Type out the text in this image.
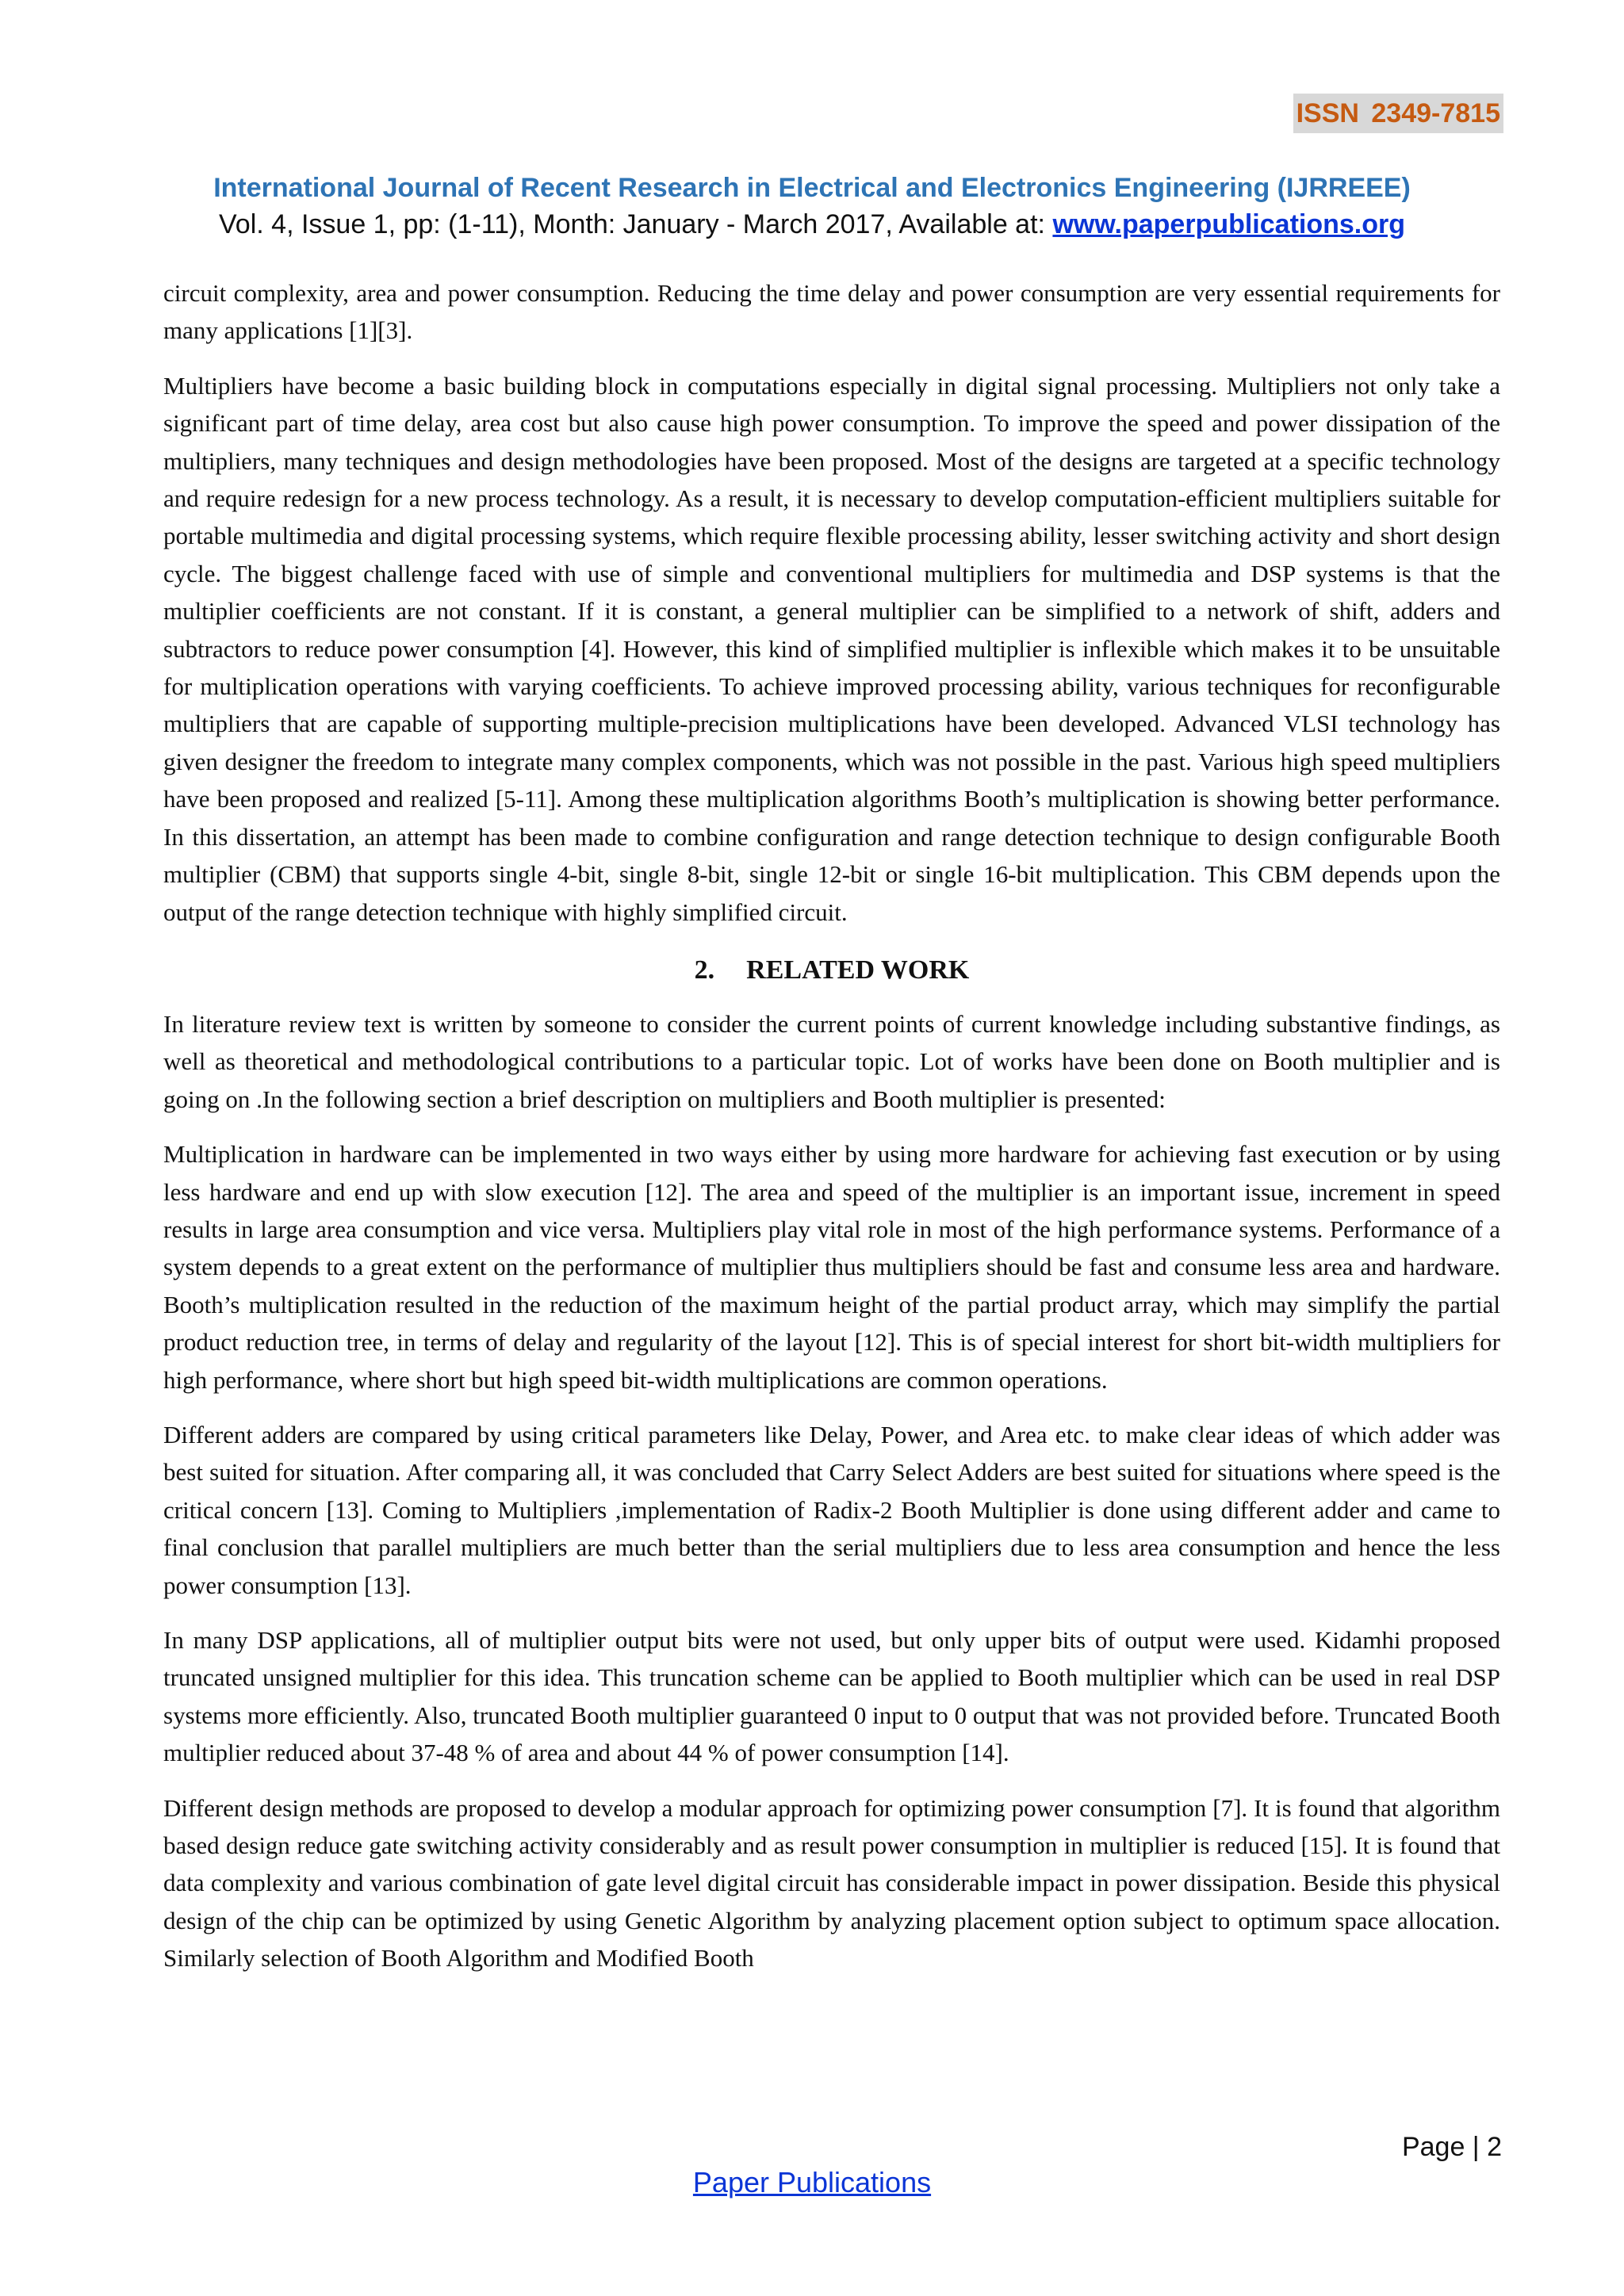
ISSN 2349-7815
International Journal of Recent Research in Electrical and Electronics Engineering (IJRREEE)
Vol. 4, Issue 1, pp: (1-11), Month: January - March 2017, Available at: www.paperpublications.org

circuit complexity, area and power consumption. Reducing the time delay and power consumption are very essential requirements for many applications [1][3].

Multipliers have become a basic building block in computations especially in digital signal processing. Multipliers not only take a significant part of time delay, area cost but also cause high power consumption. To improve the speed and power dissipation of the multipliers, many techniques and design methodologies have been proposed. Most of the designs are targeted at a specific technology and require redesign for a new process technology. As a result, it is necessary to develop computation-efficient multipliers suitable for portable multimedia and digital processing systems, which require flexible processing ability, lesser switching activity and short design cycle. The biggest challenge faced with use of simple and conventional multipliers for multimedia and DSP systems is that the multiplier coefficients are not constant. If it is constant, a general multiplier can be simplified to a network of shift, adders and subtractors to reduce power consumption [4]. However, this kind of simplified multiplier is inflexible which makes it to be unsuitable for multiplication operations with varying coefficients. To achieve improved processing ability, various techniques for reconfigurable multipliers that are capable of supporting multiple-precision multiplications have been developed. Advanced VLSI technology has given designer the freedom to integrate many complex components, which was not possible in the past. Various high speed multipliers have been proposed and realized [5-11]. Among these multiplication algorithms Booth’s multiplication is showing better performance. In this dissertation, an attempt has been made to combine configuration and range detection technique to design configurable Booth multiplier (CBM) that supports single 4-bit, single 8-bit, single 12-bit or single 16-bit multiplication. This CBM depends upon the output of the range detection technique with highly simplified circuit.

2. RELATED WORK

In literature review text is written by someone to consider the current points of current knowledge including substantive findings, as well as theoretical and methodological contributions to a particular topic. Lot of works have been done on Booth multiplier and is going on .In the following section a brief description on multipliers and Booth multiplier is presented:

Multiplication in hardware can be implemented in two ways either by using more hardware for achieving fast execution or by using less hardware and end up with slow execution [12]. The area and speed of the multiplier is an important issue, increment in speed results in large area consumption and vice versa. Multipliers play vital role in most of the high performance systems. Performance of a system depends to a great extent on the performance of multiplier thus multipliers should be fast and consume less area and hardware. Booth’s multiplication resulted in the reduction of the maximum height of the partial product array, which may simplify the partial product reduction tree, in terms of delay and regularity of the layout [12]. This is of special interest for short bit-width multipliers for high performance, where short but high speed bit-width multiplications are common operations.

Different adders are compared by using critical parameters like Delay, Power, and Area etc. to make clear ideas of which adder was best suited for situation. After comparing all, it was concluded that Carry Select Adders are best suited for situations where speed is the critical concern [13]. Coming to Multipliers ,implementation of Radix-2 Booth Multiplier is done using different adder and came to final conclusion that parallel multipliers are much better than the serial multipliers due to less area consumption and hence the less power consumption [13].

In many DSP applications, all of multiplier output bits were not used, but only upper bits of output were used. Kidamhi proposed truncated unsigned multiplier for this idea. This truncation scheme can be applied to Booth multiplier which can be used in real DSP systems more efficiently. Also, truncated Booth multiplier guaranteed 0 input to 0 output that was not provided before. Truncated Booth multiplier reduced about 37-48 % of area and about 44 % of power consumption [14].

Different design methods are proposed to develop a modular approach for optimizing power consumption [7]. It is found that algorithm based design reduce gate switching activity considerably and as result power consumption in multiplier is reduced [15]. It is found that data complexity and various combination of gate level digital circuit has considerable impact in power dissipation. Beside this physical design of the chip can be optimized by using Genetic Algorithm by analyzing placement option subject to optimum space allocation. Similarly selection of Booth Algorithm and Modified Booth

Page | 2
Paper Publications
